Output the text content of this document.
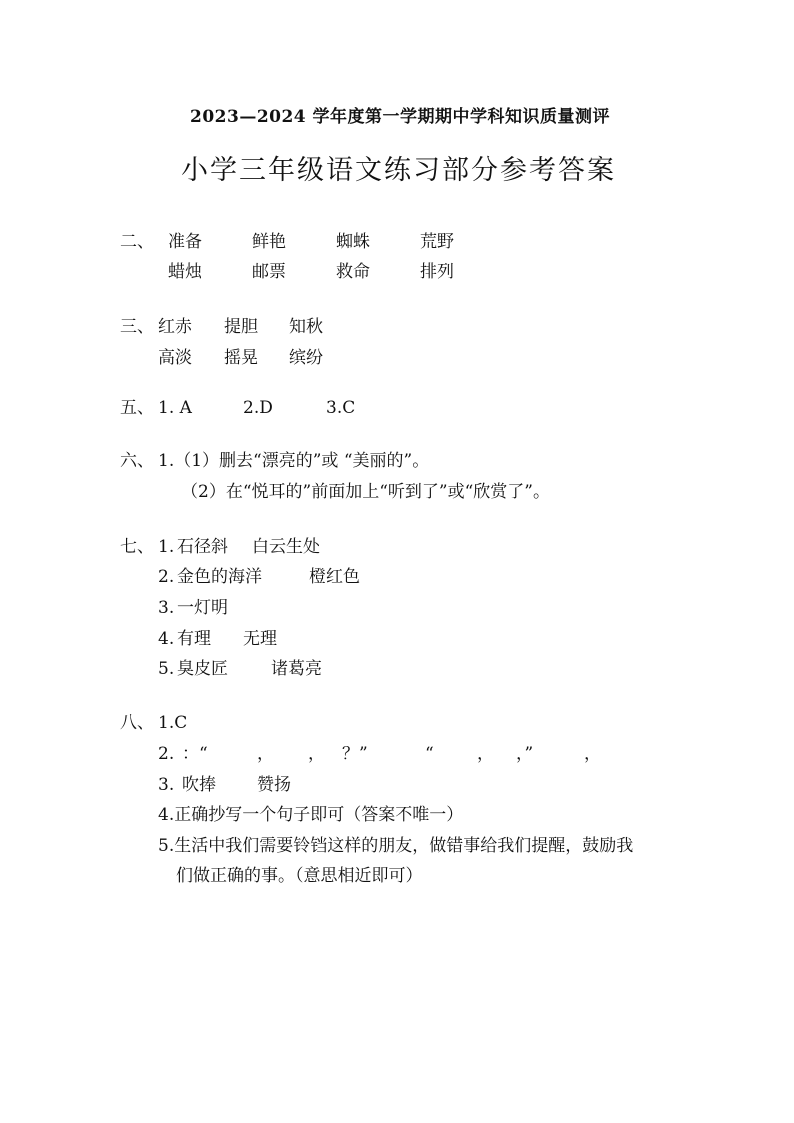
2023—2024 学年度第一学期期中学科知识质量测评
小学三年级语文练习部分参考答案
二、 准备	鲜艳	蜘蛛	荒野
蜡烛	邮票	救命	排列
三、 红赤 提胆 知秋
高淡 摇晃 缤纷
五、 1. A	2.D	3.C
六、 1.（1）删去“漂亮的”或 “美丽的”。
（2）在“悦耳的”前面加上“听到了”或“欣赏了”。
七、 1. 石径斜 白云生处
2. 金色的海洋	橙红色
3. 一灯明
4. 有理 无理
5. 臭皮匠	诸葛亮
八、 1.C
2. ：“	， ， ？”	“	， ，”	，
3. 吹捧 赞扬
4.正确抄写一个句子即可（答案不唯一）
5.生活中我们需要铃铛这样的朋友，做错事给我们提醒，鼓励我
们做正确的事。（意思相近即可）
